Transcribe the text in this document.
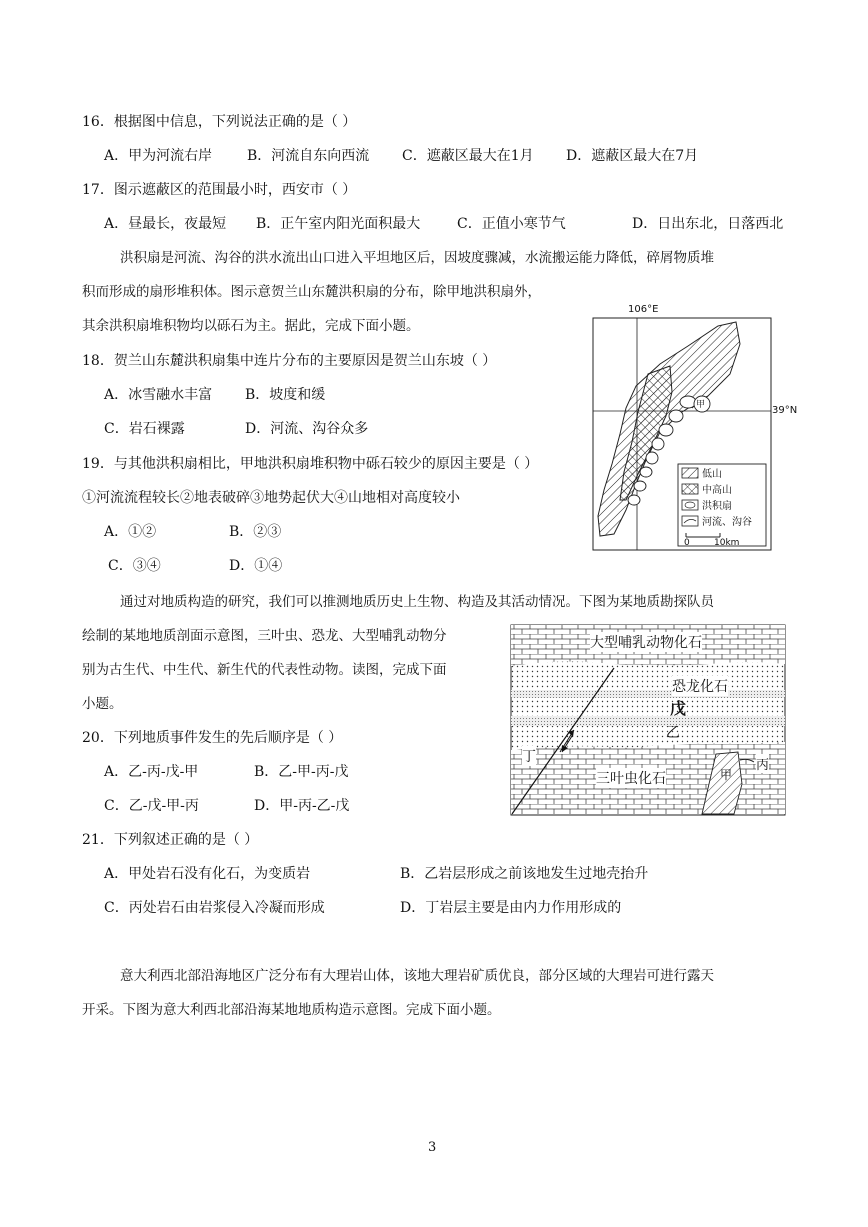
16．根据图中信息，下列说法正确的是（ ）
A．甲为河流右岸 B．河流自东向西流 C．遮蔽区最大在1月 D．遮蔽区最大在7月
17．图示遮蔽区的范围最小时，西安市（ ）
A．昼最长，夜最短 B．正午室内阳光面积最大	C．正值小寒节气	D．日出东北，日落西北
洪积扇是河流、沟谷的洪水流出山口进入平坦地区后，因坡度骤减，水流搬运能力降低，碎屑物质堆
积而形成的扇形堆积体。图示意贺兰山东麓洪积扇的分布，除甲地洪积扇外，
其余洪积扇堆积物均以砾石为主。据此，完成下面小题。
18．贺兰山东麓洪积扇集中连片分布的主要原因是贺兰山东坡（ ）
A．冰雪融水丰富 B．坡度和缓
C．岩石裸露	D．河流、沟谷众多
19．与其他洪积扇相比，甲地洪积扇堆积物中砾石较少的原因主要是（ ）
①河流流程较长②地表破碎③地势起伏大④山地相对高度较小
A．①②	B．②③
C．③④	D．①④
106°E
39°N
甲
低山
中高山
洪积扇
河流、沟谷
0	10km
通过对地质构造的研究，我们可以推测地质历史上生物、构造及其活动情况。下图为某地质勘探队员
绘制的某地地质剖面示意图，三叶虫、恐龙、大型哺乳动物分
别为古生代、中生代、新生代的代表性动物。读图，完成下面
小题。
大型哺乳动物化石
恐龙化石
戊
乙
丁
三叶虫化石	甲
丙
20．下列地质事件发生的先后顺序是（ ）
A．乙-丙-戊-甲	B．乙-甲-丙-戊
C．乙-戊-甲-丙	D．甲-丙-乙-戊
21．下列叙述正确的是（ ）
A．甲处岩石没有化石，为变质岩	B．乙岩层形成之前该地发生过地壳抬升
C．丙处岩石由岩浆侵入冷凝而形成	D．丁岩层主要是由内力作用形成的
意大利西北部沿海地区广泛分布有大理岩山体，该地大理岩矿质优良，部分区域的大理岩可进行露天
开采。下图为意大利西北部沿海某地地质构造示意图。完成下面小题。
3
